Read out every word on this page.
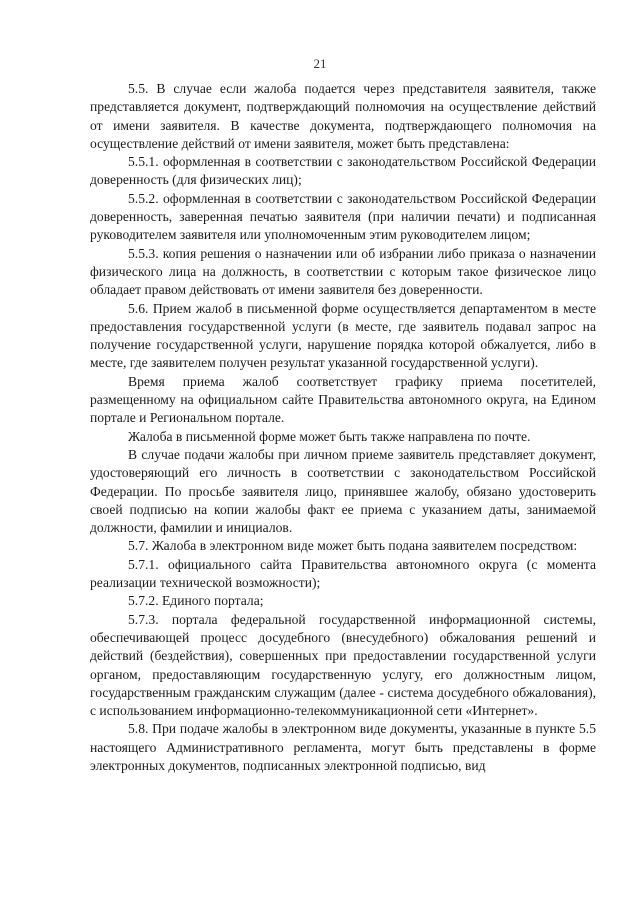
21

5.5. В случае если жалоба подается через представителя заявителя, также представляется документ, подтверждающий полномочия на осуществление действий от имени заявителя. В качестве документа, подтверждающего полномочия на осуществление действий от имени заявителя, может быть представлена:

5.5.1. оформленная в соответствии с законодательством Российской Федерации доверенность (для физических лиц);

5.5.2. оформленная в соответствии с законодательством Российской Федерации доверенность, заверенная печатью заявителя (при наличии печати) и подписанная руководителем заявителя или уполномоченным этим руководителем лицом;

5.5.3. копия решения о назначении или об избрании либо приказа о назначении физического лица на должность, в соответствии с которым такое физическое лицо обладает правом действовать от имени заявителя без доверенности.

5.6. Прием жалоб в письменной форме осуществляется департаментом в месте предоставления государственной услуги (в месте, где заявитель подавал запрос на получение государственной услуги, нарушение порядка которой обжалуется, либо в месте, где заявителем получен результат указанной государственной услуги).

Время приема жалоб соответствует графику приема посетителей, размещенному на официальном сайте Правительства автономного округа, на Едином портале и Региональном портале.

Жалоба в письменной форме может быть также направлена по почте.

В случае подачи жалобы при личном приеме заявитель представляет документ, удостоверяющий его личность в соответствии с законодательством Российской Федерации. По просьбе заявителя лицо, принявшее жалобу, обязано удостоверить своей подписью на копии жалобы факт ее приема с указанием даты, занимаемой должности, фамилии и инициалов.

5.7. Жалоба в электронном виде может быть подана заявителем посредством:

5.7.1. официального сайта Правительства автономного округа (с момента реализации технической возможности);

5.7.2. Единого портала;

5.7.3. портала федеральной государственной информационной системы, обеспечивающей процесс досудебного (внесудебного) обжалования решений и действий (бездействия), совершенных при предоставлении государственной услуги органом, предоставляющим государственную услугу, его должностным лицом, государственным гражданским служащим (далее - система досудебного обжалования), с использованием информационно-телекоммуникационной сети «Интернет».

5.8. При подаче жалобы в электронном виде документы, указанные в пункте 5.5 настоящего Административного регламента, могут быть представлены в форме электронных документов, подписанных электронной подписью, вид
